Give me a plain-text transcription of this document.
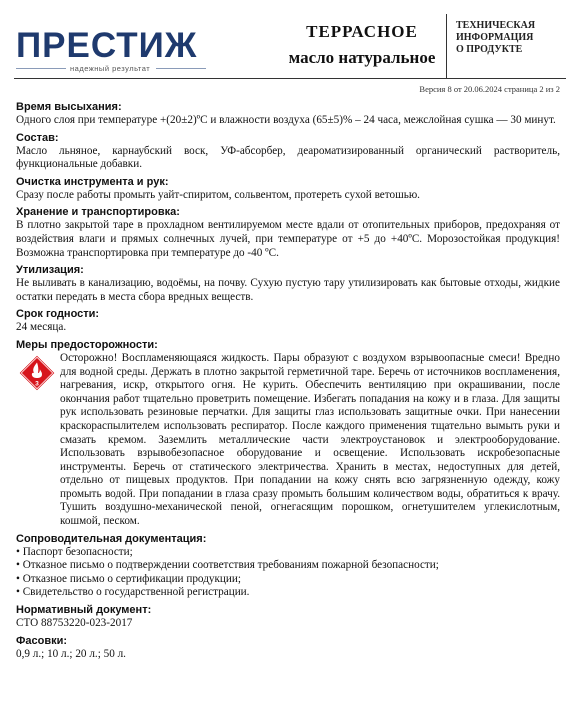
ПРЕСТИЖ
надежный результат
ТЕРРАСНОЕ
масло натуральное
ТЕХНИЧЕСКАЯ
ИНФОРМАЦИЯ
О ПРОДУКТЕ
Версия 8 от 20.06.2024 страница 2 из 2
Время высыхания:
Одного слоя при температуре +(20±2)ºС и влажности воздуха (65±5)% – 24 часа, межслойная сушка — 30 минут.
Состав:
Масло льняное, карнаубский воск, УФ-абсорбер, деароматизированный органический растворитель, функциональные добавки.
Очистка инструмента и рук:
Сразу после работы промыть уайт-спиритом, сольвентом, протереть сухой ветошью.
Хранение и транспортировка:
В плотно закрытой таре в прохладном вентилируемом месте вдали от отопительных приборов, предохраняя от воздействия влаги и прямых солнечных лучей, при температуре от +5 до +40ºС. Морозостойкая продукция! Возможна транспортировка при температуре до -40 ºС.
Утилизация:
Не выливать в канализацию, водоёмы, на почву. Сухую пустую тару утилизировать как бытовые отходы, жидкие остатки передать в места сбора вредных веществ.
Срок годности:
24 месяца.
Меры предосторожности:
3
Осторожно! Воспламеняющаяся жидкость. Пары образуют с воздухом взрывоопасные смеси! Вредно для водной среды. Держать в плотно закрытой герметичной таре. Беречь от источников воспламенения, нагревания, искр, открытого огня. Не курить. Обеспечить вентиляцию при окрашивании, после окончания работ тщательно проветрить помещение. Избегать попадания на кожу и в глаза. Для защиты рук использовать резиновые перчатки. Для защиты глаз использовать защитные очки. При нанесении краскораспылителем использовать респиратор. После каждого применения тщательно вымыть руки и смазать кремом. Заземлить металлические части электроустановок и электрооборудование. Использовать взрывобезопасное оборудование и освещение. Использовать искробезопасные инструменты. Беречь от статического электричества. Хранить в местах, недоступных для детей, отдельно от пищевых продуктов. При попадании на кожу снять всю загрязненную одежду, кожу промыть водой. При попадании в глаза сразу промыть большим количеством воды, обратиться к врачу. Тушить воздушно-механической пеной, огнегасящим порошком, огнетушителем углекислотным, кошмой, песком.
Сопроводительная документация:
• Паспорт безопасности;
• Отказное письмо о подтверждении соответствия требованиям пожарной безопасности;
• Отказное письмо о сертификации продукции;
• Свидетельство о государственной регистрации.
Нормативный документ:
СТО 88753220-023-2017
Фасовки:
0,9 л.; 10 л.; 20 л.; 50 л.
